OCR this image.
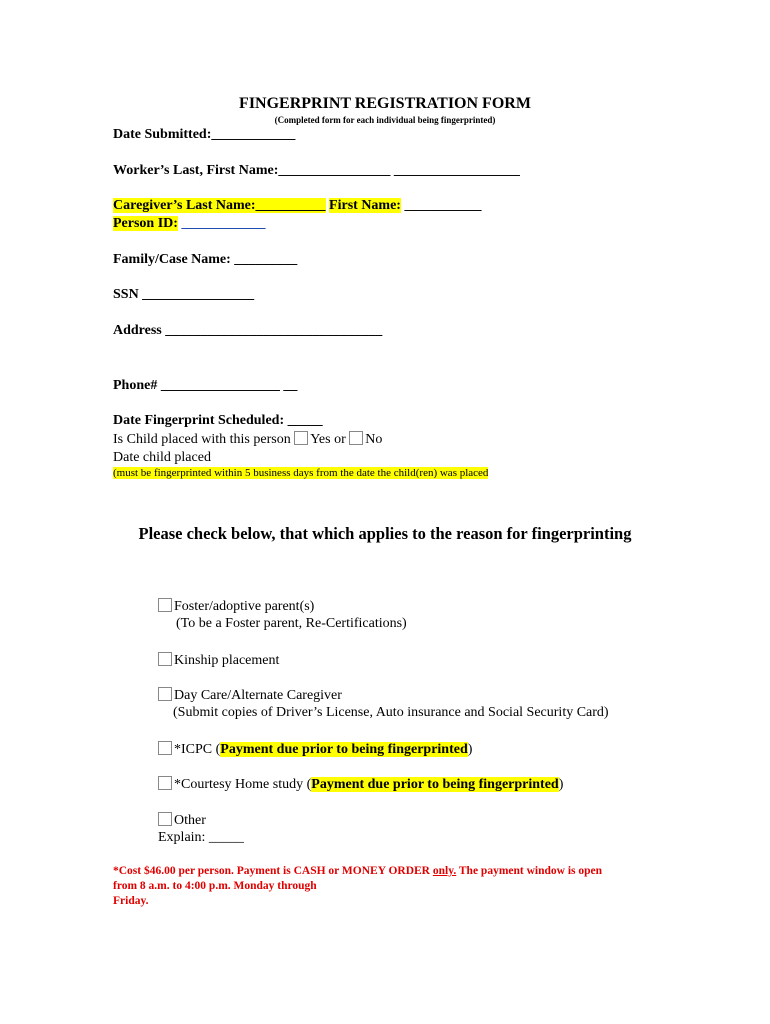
FINGERPRINT REGISTRATION FORM
(Completed form for each individual being fingerprinted)
Date Submitted:____________
Worker’s Last, First Name:________________ __________________
Caregiver’s Last Name:__________ First Name: ___________
Person ID: ____________
Family/Case Name: _________
SSN ________________
Address _______________________________
Phone# _________________ __
Date Fingerprint Scheduled: _____
Is Child placed with this person Yes or No
Date child placed
(must be fingerprinted within 5 business days from the date the child(ren) was placed
Please check below, that which applies to the reason for fingerprinting
Foster/adoptive parent(s)
(To be a Foster parent, Re-Certifications)
Kinship placement
Day Care/Alternate Caregiver
(Submit copies of Driver’s License, Auto insurance and Social Security Card)
*ICPC (Payment due prior to being fingerprinted)
*Courtesy Home study (Payment due prior to being fingerprinted)
Other
Explain: _____
*Cost $46.00 per person. Payment is CASH or MONEY ORDER only. The payment window is open
from 8 a.m. to 4:00 p.m. Monday through
Friday.
